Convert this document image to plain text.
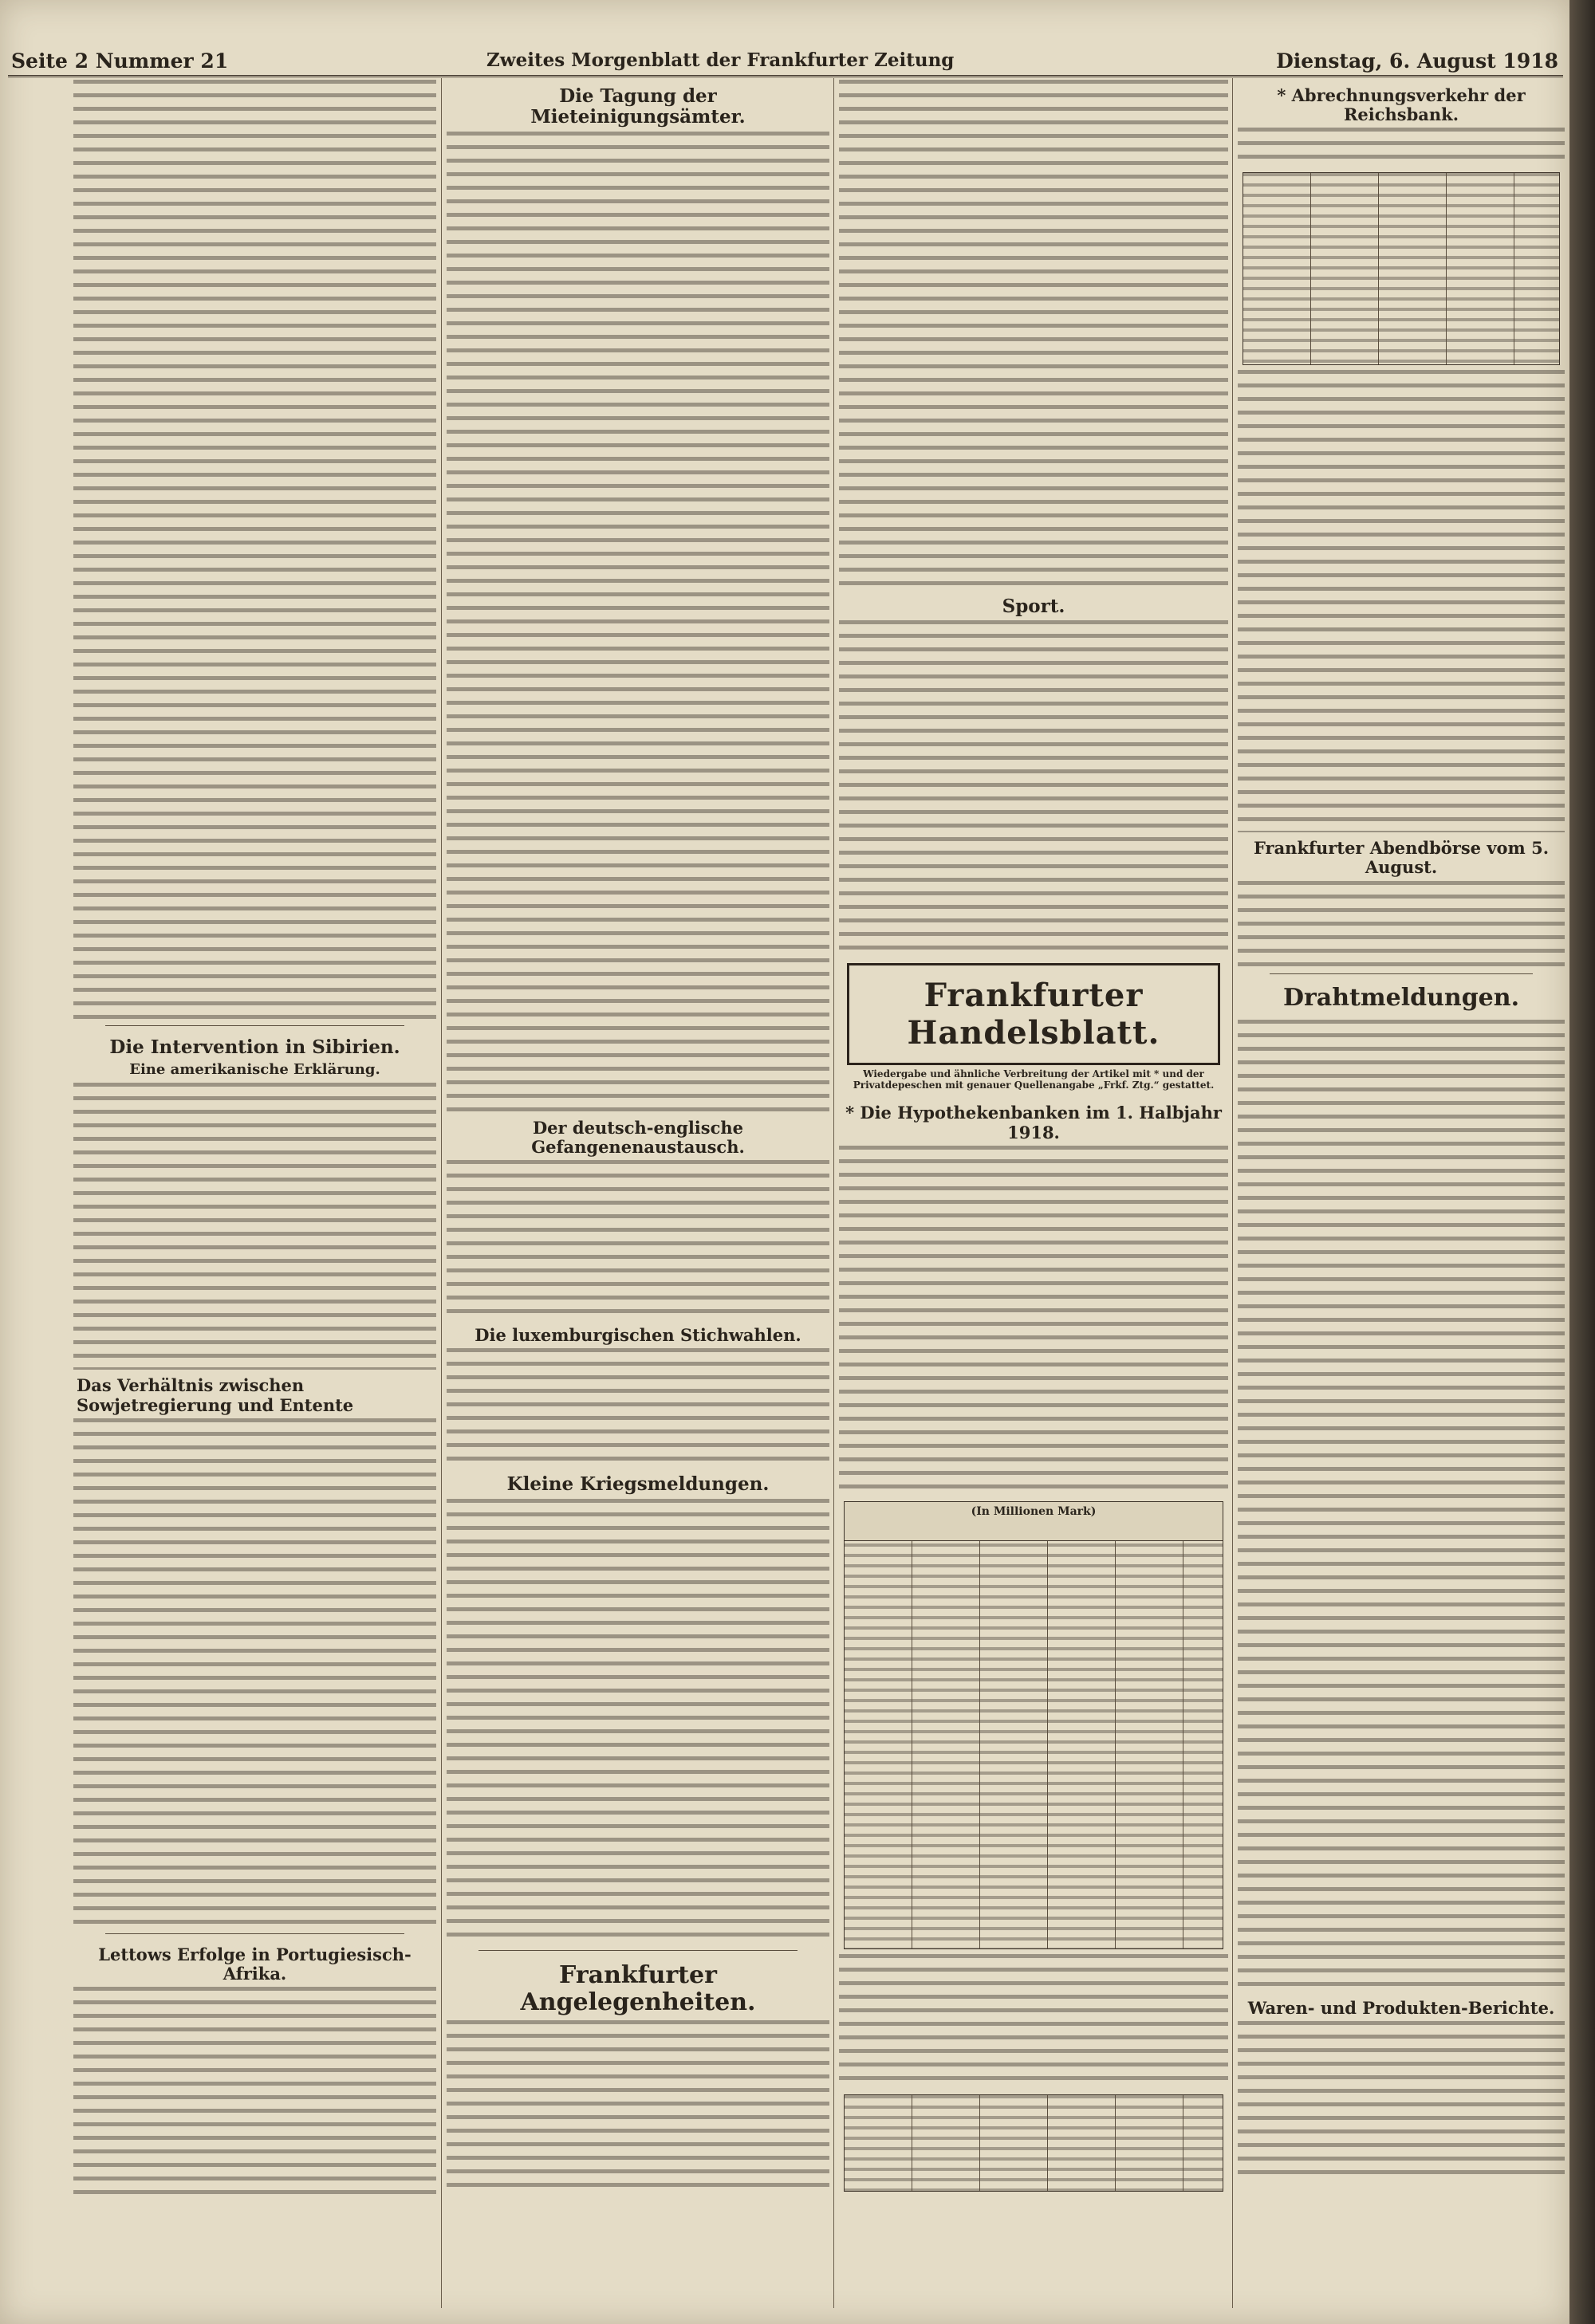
Seite 2 Nummer 21	Zweites Morgenblatt der Frankfurter Zeitung	Dienstag, 6. August 1918
Die Intervention in Sibirien.
Eine amerikanische Erklärung.
Das Verhältnis zwischen Sowjetregierung und Entente
Lettows Erfolge in Portugiesisch-Afrika.
Die Tagung der Mieteinigungsämter.
Der deutsch-englische Gefangenenaustausch.
Die luxemburgischen Stichwahlen.
Kleine Kriegsmeldungen.
Frankfurter Angelegenheiten.
Sport.
Frankfurter Handelsblatt.
Wiedergabe und ähnliche Verbreitung der Artikel mit * und der Privatdepeschen mit genauer Quellenangabe „Frkf. Ztg.“ gestattet.
* Die Hypothekenbanken im 1. Halbjahr 1918.
(In Millionen Mark)
* Abrechnungsverkehr der Reichsbank.
Frankfurter Abendbörse vom 5. August.
Drahtmeldungen.
Waren- und Produkten-Berichte.
